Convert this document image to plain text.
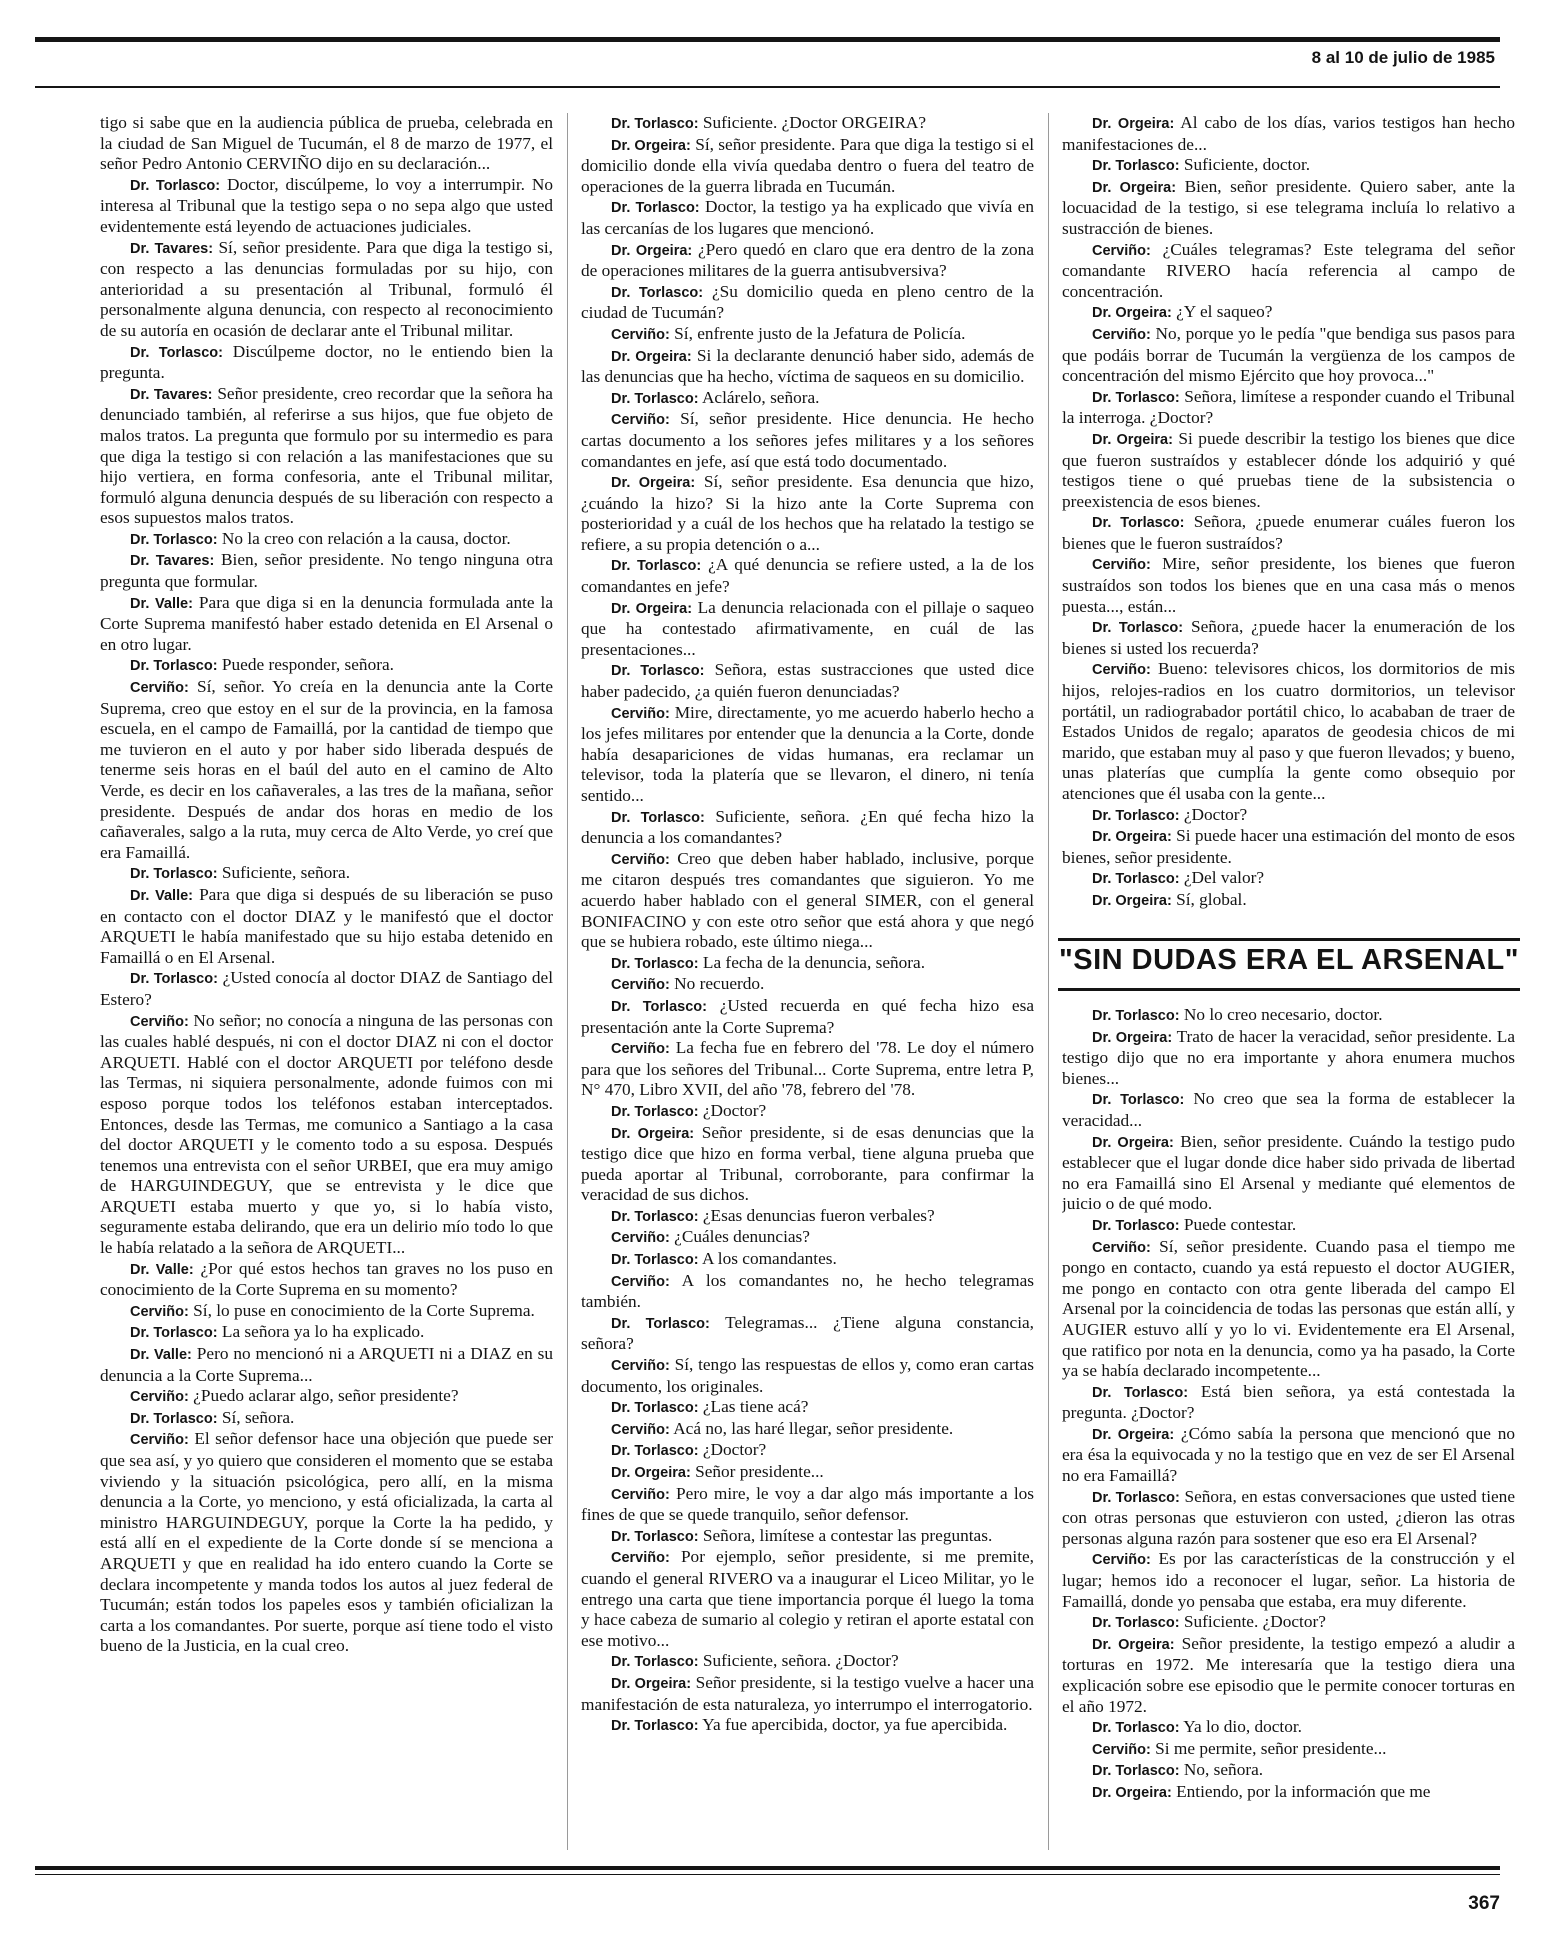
8 al 10 de julio de 1985

tigo si sabe que en la audiencia pública de prueba, celebrada en la ciudad de San Miguel de Tucumán, el 8 de marzo de 1977, el señor Pedro Antonio CERVIÑO dijo en su declaración...

Dr. Torlasco: Doctor, discúlpeme, lo voy a interrumpir. No interesa al Tribunal que la testigo sepa o no sepa algo que usted evidentemente está leyendo de actuaciones judiciales.

Dr. Tavares: Sí, señor presidente. Para que diga la testigo si, con respecto a las denuncias formuladas por su hijo, con anterioridad a su presentación al Tribunal, formuló él personalmente alguna denuncia, con respecto al reconocimiento de su autoría en ocasión de declarar ante el Tribunal militar.

Dr. Torlasco: Discúlpeme doctor, no le entiendo bien la pregunta.

Dr. Tavares: Señor presidente, creo recordar que la señora ha denunciado también, al referirse a sus hijos, que fue objeto de malos tratos. La pregunta que formulo por su intermedio es para que diga la testigo si con relación a las manifestaciones que su hijo vertiera, en forma confesoria, ante el Tribunal militar, formuló alguna denuncia después de su liberación con respecto a esos supuestos malos tratos.

Dr. Torlasco: No la creo con relación a la causa, doctor.

Dr. Tavares: Bien, señor presidente. No tengo ninguna otra pregunta que formular.

Dr. Valle: Para que diga si en la denuncia formulada ante la Corte Suprema manifestó haber estado detenida en El Arsenal o en otro lugar.

Dr. Torlasco: Puede responder, señora.

Cerviño: Sí, señor. Yo creía en la denuncia ante la Corte Suprema, creo que estoy en el sur de la provincia, en la famosa escuela, en el campo de Famaillá, por la cantidad de tiempo que me tuvieron en el auto y por haber sido liberada después de tenerme seis horas en el baúl del auto en el camino de Alto Verde, es decir en los cañaverales, a las tres de la mañana, señor presidente. Después de andar dos horas en medio de los cañaverales, salgo a la ruta, muy cerca de Alto Verde, yo creí que era Famaillá.

Dr. Torlasco: Suficiente, señora.

Dr. Valle: Para que diga si después de su liberación se puso en contacto con el doctor DIAZ y le manifestó que el doctor ARQUETI le había manifestado que su hijo estaba detenido en Famaillá o en El Arsenal.

Dr. Torlasco: ¿Usted conocía al doctor DIAZ de Santiago del Estero?

Cerviño: No señor; no conocía a ninguna de las personas con las cuales hablé después, ni con el doctor DIAZ ni con el doctor ARQUETI. Hablé con el doctor ARQUETI por teléfono desde las Termas, ni siquiera personalmente, adonde fuimos con mi esposo porque todos los teléfonos estaban interceptados. Entonces, desde las Termas, me comunico a Santiago a la casa del doctor ARQUETI y le comento todo a su esposa. Después tenemos una entrevista con el señor URBEI, que era muy amigo de HARGUINDEGUY, que se entrevista y le dice que ARQUETI estaba muerto y que yo, si lo había visto, seguramente estaba delirando, que era un delirio mío todo lo que le había relatado a la señora de ARQUETI...

Dr. Valle: ¿Por qué estos hechos tan graves no los puso en conocimiento de la Corte Suprema en su momento?

Cerviño: Sí, lo puse en conocimiento de la Corte Suprema.

Dr. Torlasco: La señora ya lo ha explicado.

Dr. Valle: Pero no mencionó ni a ARQUETI ni a DIAZ en su denuncia a la Corte Suprema...

Cerviño: ¿Puedo aclarar algo, señor presidente?

Dr. Torlasco: Sí, señora.

Cerviño: El señor defensor hace una objeción que puede ser que sea así, y yo quiero que consideren el momento que se estaba viviendo y la situación psicológica, pero allí, en la misma denuncia a la Corte, yo menciono, y está oficializada, la carta al ministro HARGUINDEGUY, porque la Corte la ha pedido, y está allí en el expediente de la Corte donde sí se menciona a ARQUETI y que en realidad ha ido entero cuando la Corte se declara incompetente y manda todos los autos al juez federal de Tucumán; están todos los papeles esos y también oficializan la carta a los comandantes. Por suerte, porque así tiene todo el visto bueno de la Justicia, en la cual creo.

Dr. Torlasco: Suficiente. ¿Doctor ORGEIRA?

Dr. Orgeira: Sí, señor presidente. Para que diga la testigo si el domicilio donde ella vivía quedaba dentro o fuera del teatro de operaciones de la guerra librada en Tucumán.

Dr. Torlasco: Doctor, la testigo ya ha explicado que vivía en las cercanías de los lugares que mencionó.

Dr. Orgeira: ¿Pero quedó en claro que era dentro de la zona de operaciones militares de la guerra antisubversiva?

Dr. Torlasco: ¿Su domicilio queda en pleno centro de la ciudad de Tucumán?

Cerviño: Sí, enfrente justo de la Jefatura de Policía.

Dr. Orgeira: Si la declarante denunció haber sido, además de las denuncias que ha hecho, víctima de saqueos en su domicilio.

Dr. Torlasco: Aclárelo, señora.

Cerviño: Sí, señor presidente. Hice denuncia. He hecho cartas documento a los señores jefes militares y a los señores comandantes en jefe, así que está todo documentado.

Dr. Orgeira: Sí, señor presidente. Esa denuncia que hizo, ¿cuándo la hizo? Si la hizo ante la Corte Suprema con posterioridad y a cuál de los hechos que ha relatado la testigo se refiere, a su propia detención o a...

Dr. Torlasco: ¿A qué denuncia se refiere usted, a la de los comandantes en jefe?

Dr. Orgeira: La denuncia relacionada con el pillaje o saqueo que ha contestado afirmativamente, en cuál de las presentaciones...

Dr. Torlasco: Señora, estas sustracciones que usted dice haber padecido, ¿a quién fueron denunciadas?

Cerviño: Mire, directamente, yo me acuerdo haberlo hecho a los jefes militares por entender que la denuncia a la Corte, donde había desapariciones de vidas humanas, era reclamar un televisor, toda la platería que se llevaron, el dinero, ni tenía sentido...

Dr. Torlasco: Suficiente, señora. ¿En qué fecha hizo la denuncia a los comandantes?

Cerviño: Creo que deben haber hablado, inclusive, porque me citaron después tres comandantes que siguieron. Yo me acuerdo haber hablado con el general SIMER, con el general BONIFACINO y con este otro señor que está ahora y que negó que se hubiera robado, este último niega...

Dr. Torlasco: La fecha de la denuncia, señora.

Cerviño: No recuerdo.

Dr. Torlasco: ¿Usted recuerda en qué fecha hizo esa presentación ante la Corte Suprema?

Cerviño: La fecha fue en febrero del '78. Le doy el número para que los señores del Tribunal... Corte Suprema, entre letra P, N° 470, Libro XVII, del año '78, febrero del '78.

Dr. Torlasco: ¿Doctor?

Dr. Orgeira: Señor presidente, si de esas denuncias que la testigo dice que hizo en forma verbal, tiene alguna prueba que pueda aportar al Tribunal, corroborante, para confirmar la veracidad de sus dichos.

Dr. Torlasco: ¿Esas denuncias fueron verbales?

Cerviño: ¿Cuáles denuncias?

Dr. Torlasco: A los comandantes.

Cerviño: A los comandantes no, he hecho telegramas también.

Dr. Torlasco: Telegramas... ¿Tiene alguna constancia, señora?

Cerviño: Sí, tengo las respuestas de ellos y, como eran cartas documento, los originales.

Dr. Torlasco: ¿Las tiene acá?

Cerviño: Acá no, las haré llegar, señor presidente.

Dr. Torlasco: ¿Doctor?

Dr. Orgeira: Señor presidente...

Cerviño: Pero mire, le voy a dar algo más importante a los fines de que se quede tranquilo, señor defensor.

Dr. Torlasco: Señora, limítese a contestar las preguntas.

Cerviño: Por ejemplo, señor presidente, si me premite, cuando el general RIVERO va a inaugurar el Liceo Militar, yo le entrego una carta que tiene importancia porque él luego la toma y hace cabeza de sumario al colegio y retiran el aporte estatal con ese motivo...

Dr. Torlasco: Suficiente, señora. ¿Doctor?

Dr. Orgeira: Señor presidente, si la testigo vuelve a hacer una manifestación de esta naturaleza, yo interrumpo el interrogatorio.

Dr. Torlasco: Ya fue apercibida, doctor, ya fue apercibida.

Dr. Orgeira: Al cabo de los días, varios testigos han hecho manifestaciones de...

Dr. Torlasco: Suficiente, doctor.

Dr. Orgeira: Bien, señor presidente. Quiero saber, ante la locuacidad de la testigo, si ese telegrama incluía lo relativo a sustracción de bienes.

Cerviño: ¿Cuáles telegramas? Este telegrama del señor comandante RIVERO hacía referencia al campo de concentración.

Dr. Orgeira: ¿Y el saqueo?

Cerviño: No, porque yo le pedía "que bendiga sus pasos para que podáis borrar de Tucumán la vergüenza de los campos de concentración del mismo Ejército que hoy provoca..."

Dr. Torlasco: Señora, limítese a responder cuando el Tribunal la interroga. ¿Doctor?

Dr. Orgeira: Si puede describir la testigo los bienes que dice que fueron sustraídos y establecer dónde los adquirió y qué testigos tiene o qué pruebas tiene de la subsistencia o preexistencia de esos bienes.

Dr. Torlasco: Señora, ¿puede enumerar cuáles fueron los bienes que le fueron sustraídos?

Cerviño: Mire, señor presidente, los bienes que fueron sustraídos son todos los bienes que en una casa más o menos puesta..., están...

Dr. Torlasco: Señora, ¿puede hacer la enumeración de los bienes si usted los recuerda?

Cerviño: Bueno: televisores chicos, los dormitorios de mis hijos, relojes-radios en los cuatro dormitorios, un televisor portátil, un radiograbador portátil chico, lo acababan de traer de Estados Unidos de regalo; aparatos de geodesia chicos de mi marido, que estaban muy al paso y que fueron llevados; y bueno, unas platerías que cumplía la gente como obsequio por atenciones que él usaba con la gente...

Dr. Torlasco: ¿Doctor?

Dr. Orgeira: Si puede hacer una estimación del monto de esos bienes, señor presidente.

Dr. Torlasco: ¿Del valor?

Dr. Orgeira: Sí, global.

"SIN DUDAS ERA EL ARSENAL"

Dr. Torlasco: No lo creo necesario, doctor.

Dr. Orgeira: Trato de hacer la veracidad, señor presidente. La testigo dijo que no era importante y ahora enumera muchos bienes...

Dr. Torlasco: No creo que sea la forma de establecer la veracidad...

Dr. Orgeira: Bien, señor presidente. Cuándo la testigo pudo establecer que el lugar donde dice haber sido privada de libertad no era Famaillá sino El Arsenal y mediante qué elementos de juicio o de qué modo.

Dr. Torlasco: Puede contestar.

Cerviño: Sí, señor presidente. Cuando pasa el tiempo me pongo en contacto, cuando ya está repuesto el doctor AUGIER, me pongo en contacto con otra gente liberada del campo El Arsenal por la coincidencia de todas las personas que están allí, y AUGIER estuvo allí y yo lo vi. Evidentemente era El Arsenal, que ratifico por nota en la denuncia, como ya ha pasado, la Corte ya se había declarado incompetente...

Dr. Torlasco: Está bien señora, ya está contestada la pregunta. ¿Doctor?

Dr. Orgeira: ¿Cómo sabía la persona que mencionó que no era ésa la equivocada y no la testigo que en vez de ser El Arsenal no era Famaillá?

Dr. Torlasco: Señora, en estas conversaciones que usted tiene con otras personas que estuvieron con usted, ¿dieron las otras personas alguna razón para sostener que eso era El Arsenal?

Cerviño: Es por las características de la construcción y el lugar; hemos ido a reconocer el lugar, señor. La historia de Famaillá, donde yo pensaba que estaba, era muy diferente.

Dr. Torlasco: Suficiente. ¿Doctor?

Dr. Orgeira: Señor presidente, la testigo empezó a aludir a torturas en 1972. Me interesaría que la testigo diera una explicación sobre ese episodio que le permite conocer torturas en el año 1972.

Dr. Torlasco: Ya lo dio, doctor.

Cerviño: Si me permite, señor presidente...

Dr. Torlasco: No, señora.

Dr. Orgeira: Entiendo, por la información que me

367
